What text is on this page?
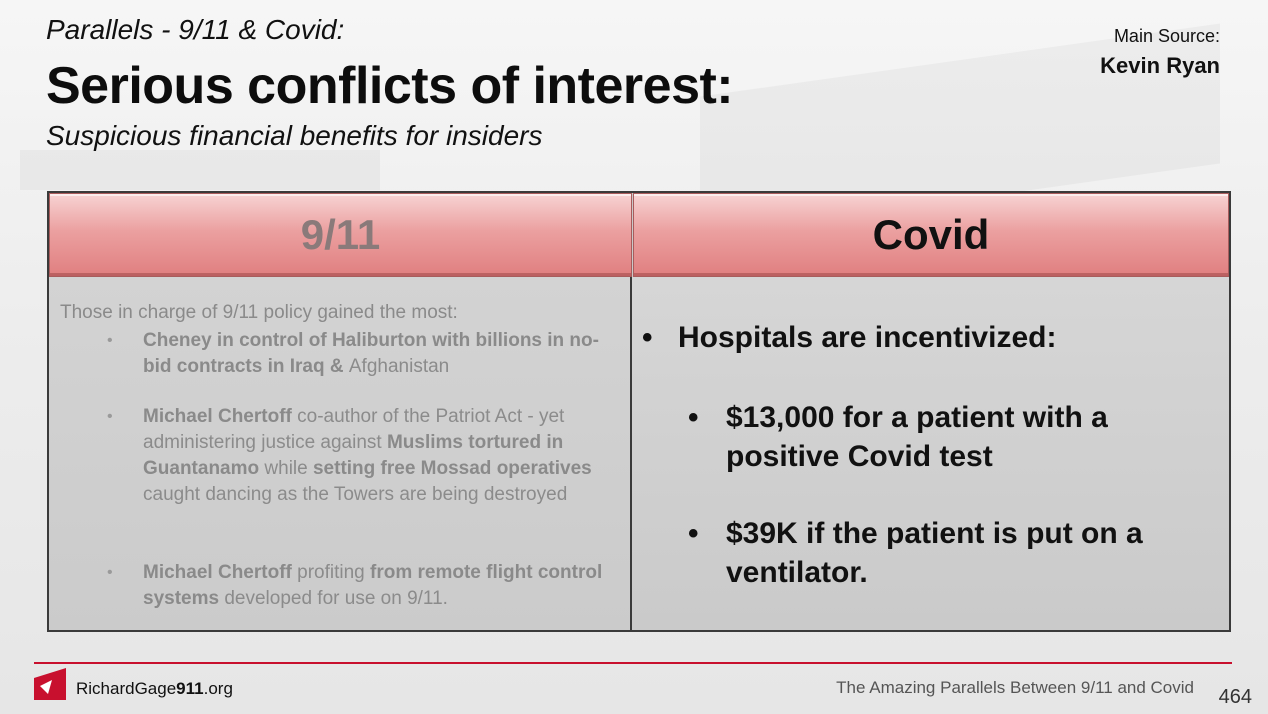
Parallels - 9/11 & Covid:
Serious conflicts of interest:
Suspicious financial benefits for insiders
Main Source:
Kevin Ryan
9/11	Covid
Those in charge of 9/11 policy gained the most:
• Cheney in control of Haliburton with billions in no-bid contracts in Iraq & Afghanistan
• Michael Chertoff co-author of the Patriot Act - yet administering justice against Muslims tortured in Guantanamo while setting free Mossad operatives caught dancing as the Towers are being destroyed
• Michael Chertoff profiting from remote flight control systems developed for use on 9/11.
• Hospitals are incentivized:
• $13,000 for a patient with a positive Covid test
• $39K if the patient is put on a ventilator.
RichardGage911.org	The Amazing Parallels Between 9/11 and Covid 464
